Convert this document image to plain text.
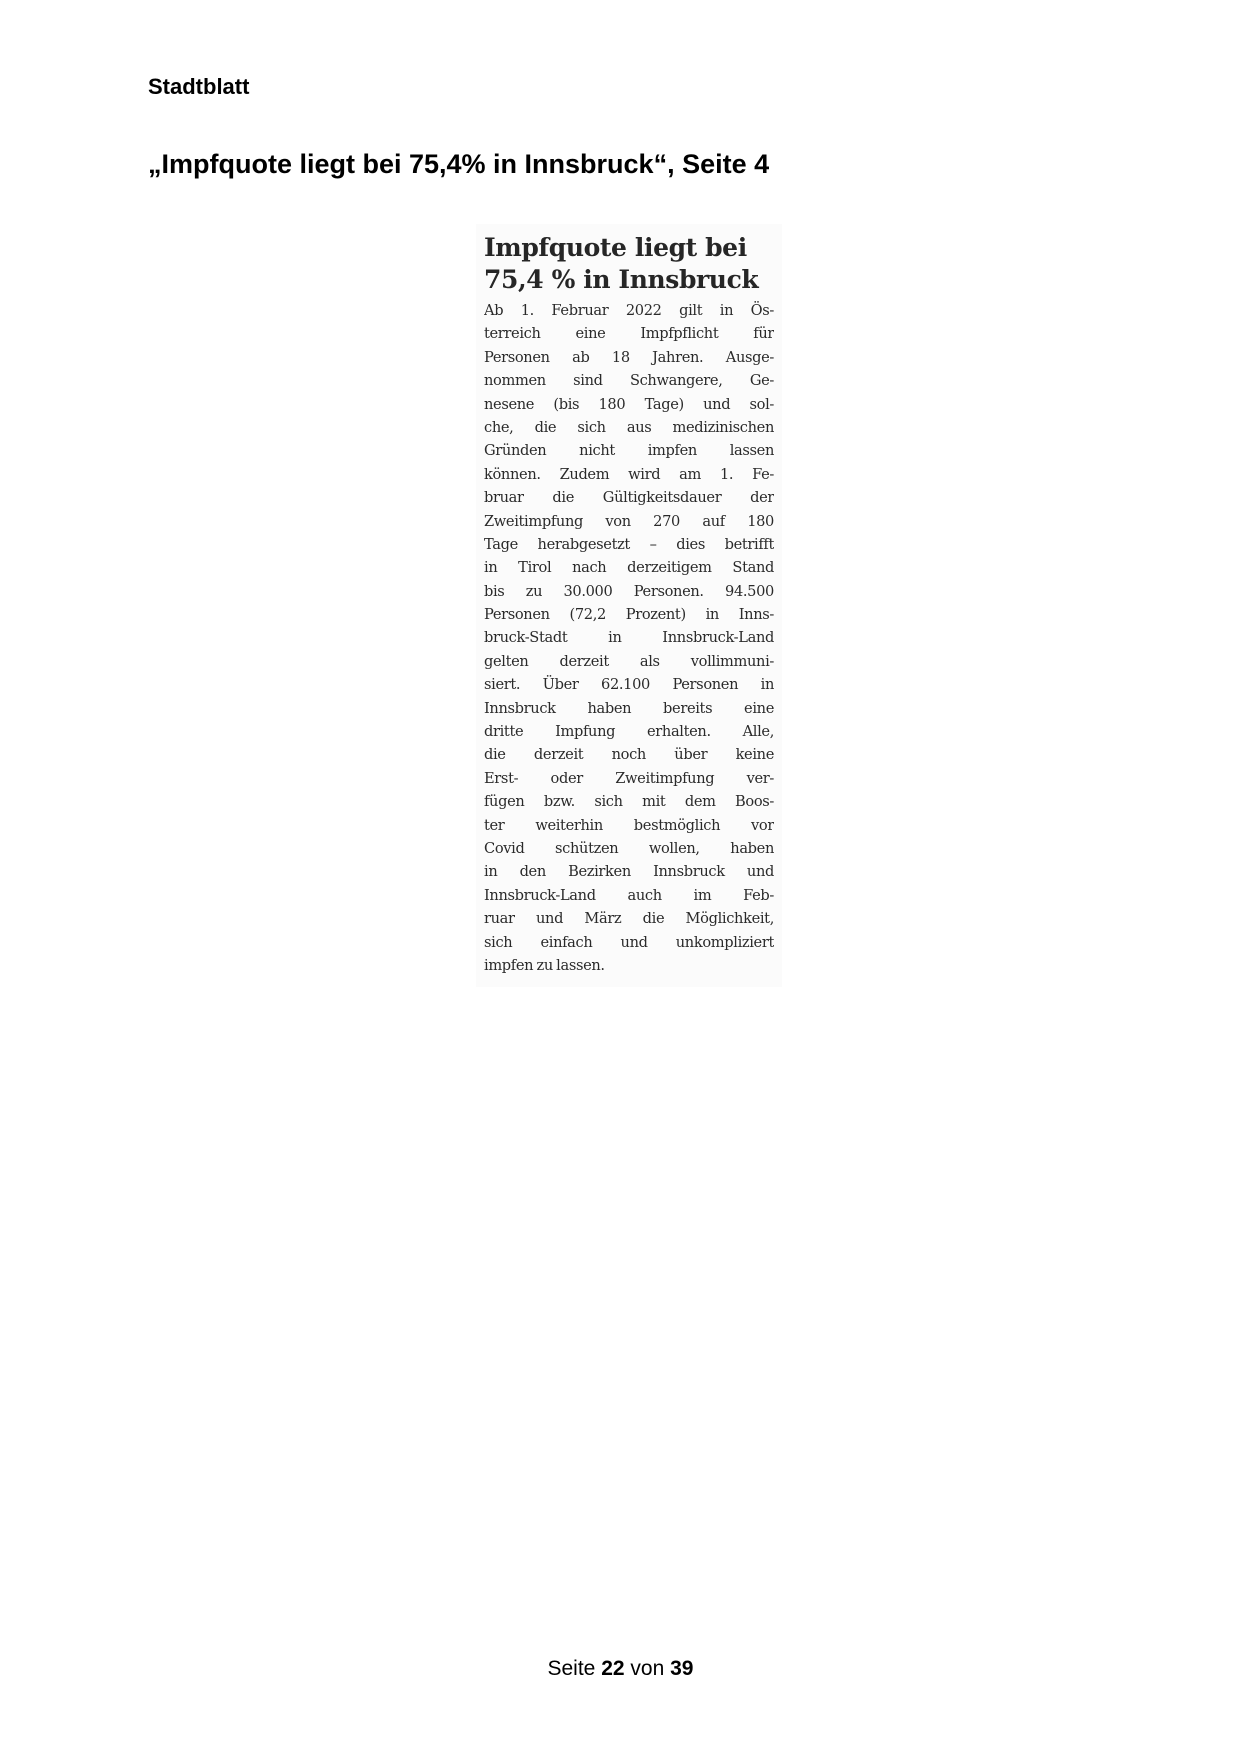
Stadtblatt
„Impfquote liegt bei 75,4% in Innsbruck“, Seite 4
Impfquote liegt bei
75,4 % in Innsbruck
Ab 1. Februar 2022 gilt in Ös-
terreich eine Impfpflicht für
Personen ab 18 Jahren. Ausge-
nommen sind Schwangere, Ge-
nesene (bis 180 Tage) und sol-
che, die sich aus medizinischen
Gründen nicht impfen lassen
können. Zudem wird am 1. Fe-
bruar die Gültigkeitsdauer der
Zweitimpfung von 270 auf 180
Tage herabgesetzt – dies betrifft
in Tirol nach derzeitigem Stand
bis zu 30.000 Personen. 94.500
Personen (72,2 Prozent) in Inns-
bruck-Stadt in Innsbruck-Land
gelten derzeit als vollimmuni-
siert. Über 62.100 Personen in
Innsbruck haben bereits eine
dritte Impfung erhalten. Alle,
die derzeit noch über keine
Erst- oder Zweitimpfung ver-
fügen bzw. sich mit dem Boos-
ter weiterhin bestmöglich vor
Covid schützen wollen, haben
in den Bezirken Innsbruck und
Innsbruck-Land auch im Feb-
ruar und März die Möglichkeit,
sich einfach und unkompliziert
impfen zu lassen.
Seite 22 von 39
